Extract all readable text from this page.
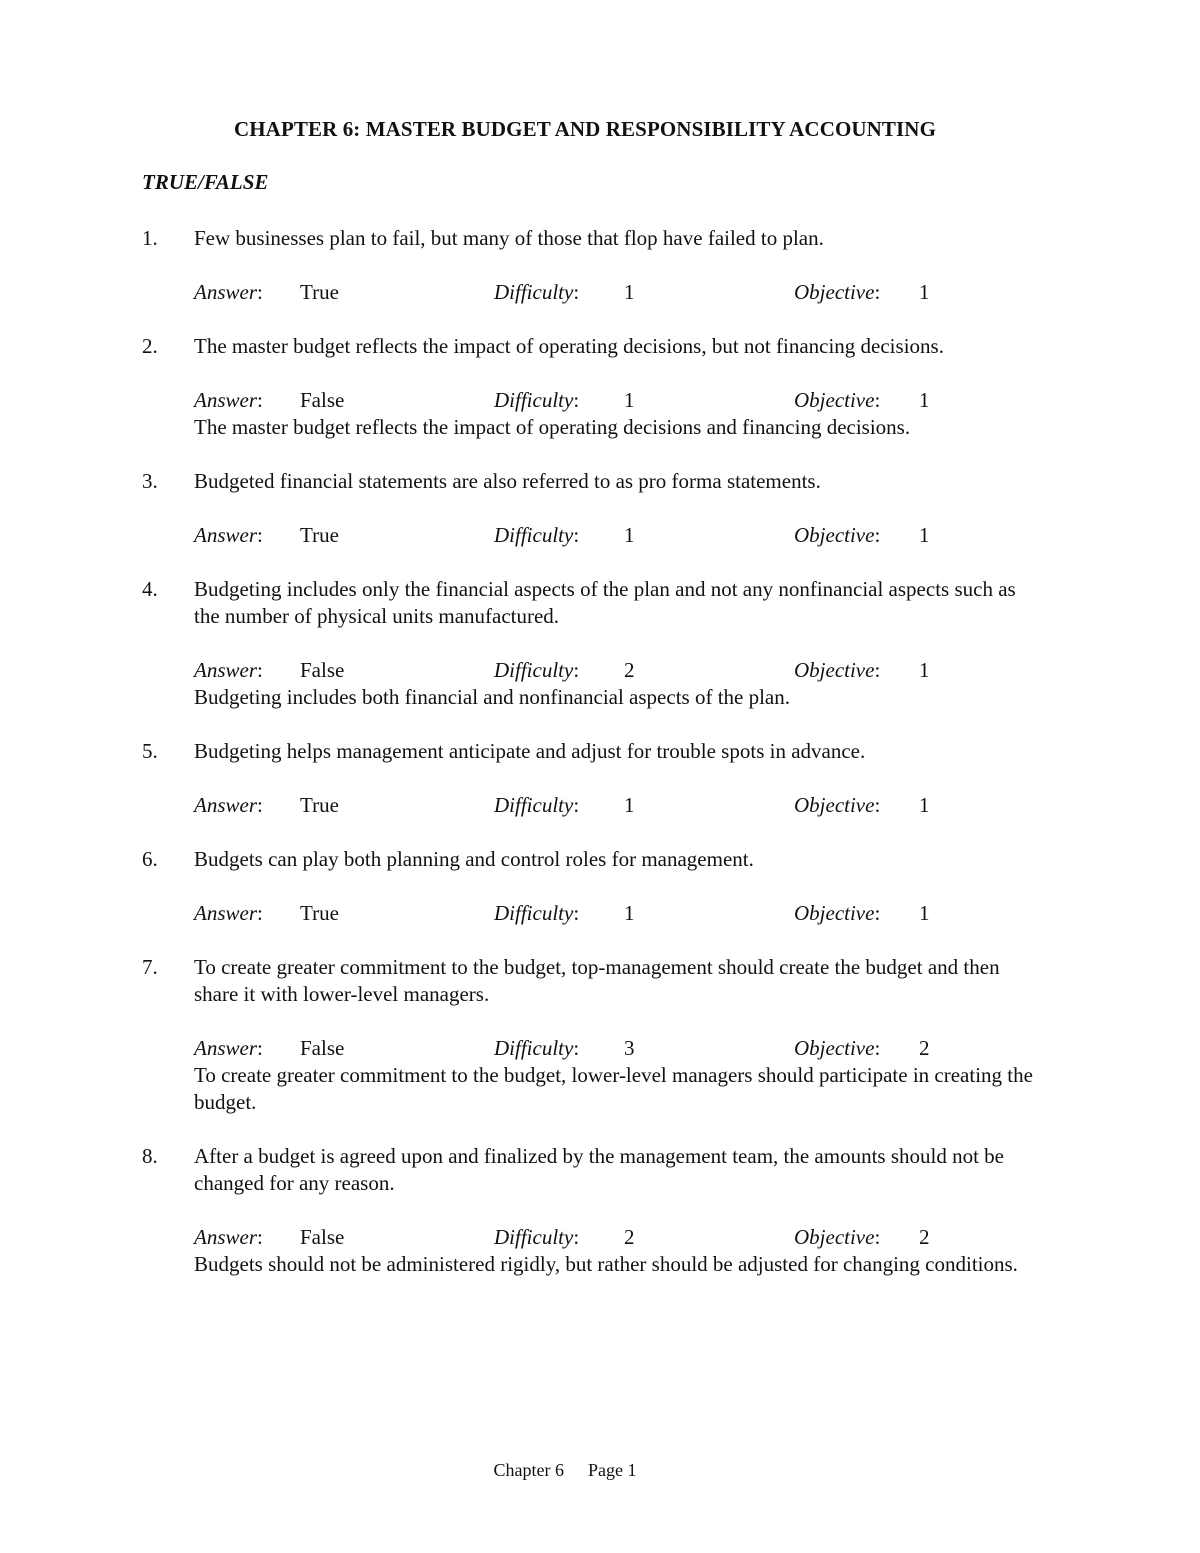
CHAPTER 6: MASTER BUDGET AND RESPONSIBILITY ACCOUNTING
TRUE/FALSE
1. Few businesses plan to fail, but many of those that flop have failed to plan.
Answer: True	Difficulty: 1	Objective: 1
2. The master budget reflects the impact of operating decisions, but not financing decisions.
Answer: False	Difficulty: 1	Objective: 1
The master budget reflects the impact of operating decisions and financing decisions.
3. Budgeted financial statements are also referred to as pro forma statements.
Answer: True	Difficulty: 1	Objective: 1
4. Budgeting includes only the financial aspects of the plan and not any nonfinancial aspects such as the number of physical units manufactured.
Answer: False	Difficulty: 2	Objective: 1
Budgeting includes both financial and nonfinancial aspects of the plan.
5. Budgeting helps management anticipate and adjust for trouble spots in advance.
Answer: True	Difficulty: 1	Objective: 1
6. Budgets can play both planning and control roles for management.
Answer: True	Difficulty: 1	Objective: 1
7. To create greater commitment to the budget, top-management should create the budget and then share it with lower-level managers.
Answer: False	Difficulty: 3	Objective: 2
To create greater commitment to the budget, lower-level managers should participate in creating the budget.
8. After a budget is agreed upon and finalized by the management team, the amounts should not be changed for any reason.
Answer: False	Difficulty: 2	Objective: 2
Budgets should not be administered rigidly, but rather should be adjusted for changing conditions.
Chapter 6 Page 1
